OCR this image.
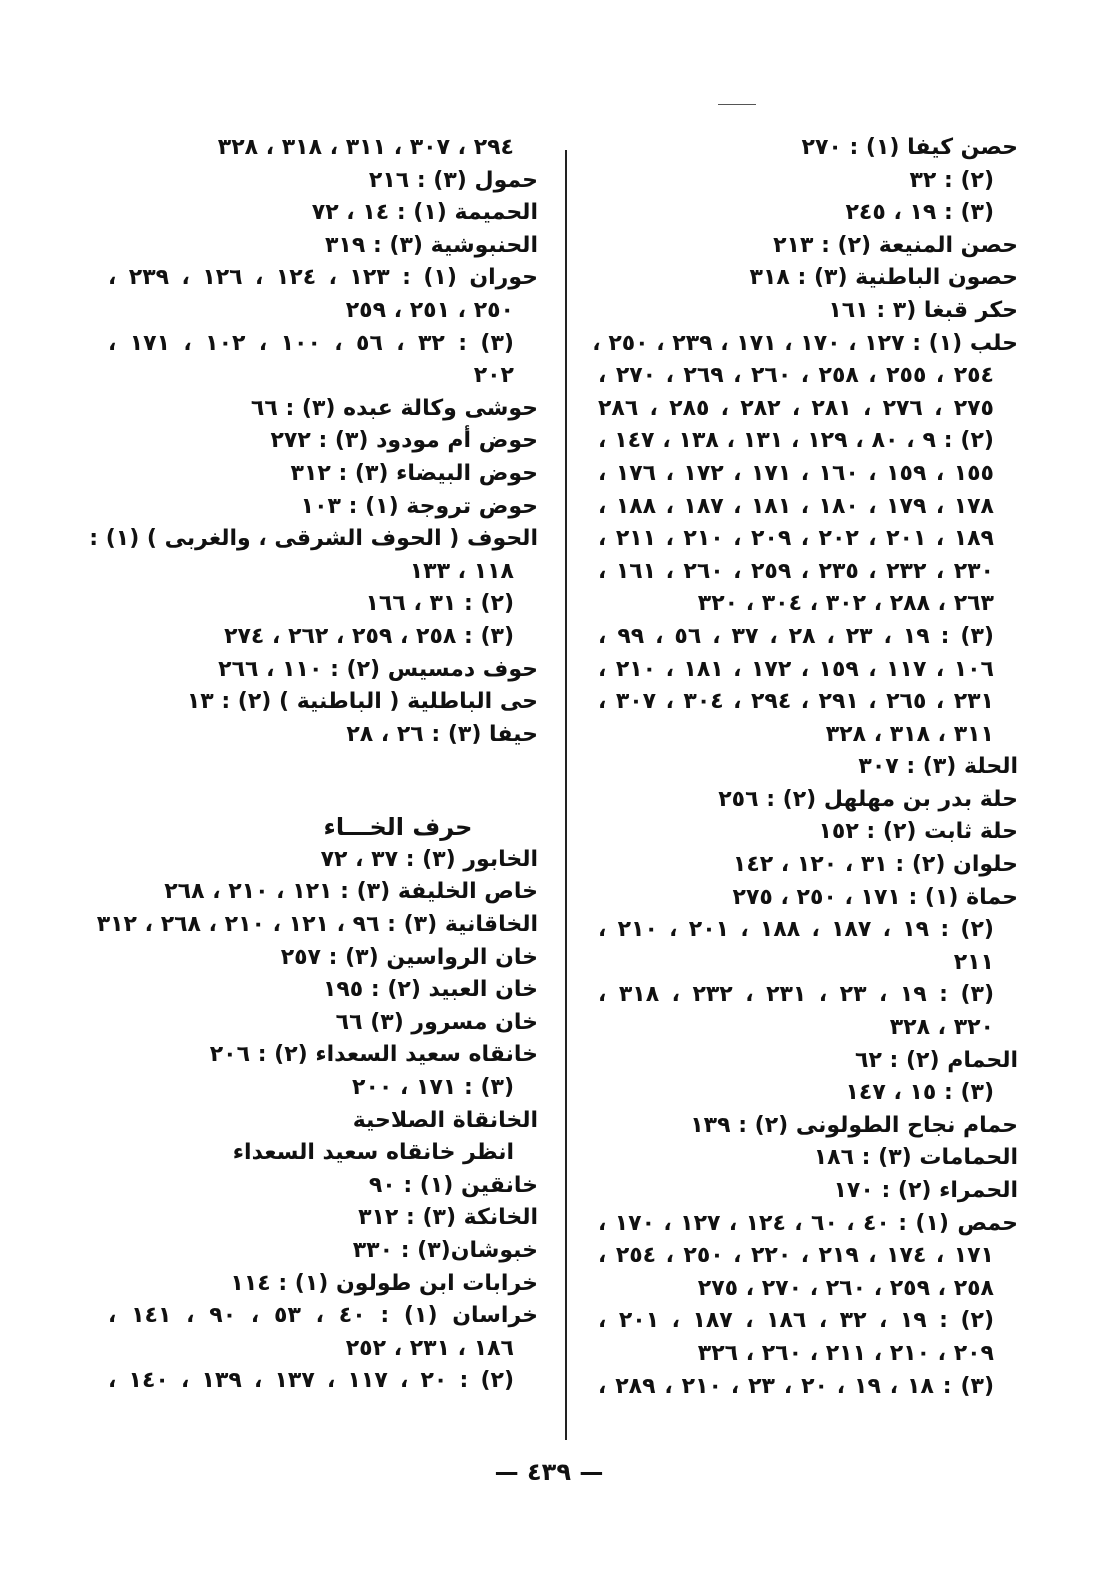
حصن كيفا (١) : ٢٧٠
(٢) : ٣٢
(٣) : ١٩ ، ٢٤٥
حصن المنيعة (٢) : ٢١٣
حصون الباطنية (٣) : ٣١٨
حكر قبغا (٣ : ١٦١
حلب (١) : ١٢٧ ، ١٧٠ ، ١٧١ ، ٢٣٩ ، ٢٥٠ ،
٢٥٤ ، ٢٥٥ ، ٢٥٨ ، ٢٦٠ ، ٢٦٩ ، ٢٧٠ ،
٢٧٥ ، ٢٧٦ ، ٢٨١ ، ٢٨٢ ، ٢٨٥ ، ٢٨٦
(٢) : ٩ ، ٨٠ ، ١٢٩ ، ١٣١ ، ١٣٨ ، ١٤٧ ،
١٥٥ ، ١٥٩ ، ١٦٠ ، ١٧١ ، ١٧٢ ، ١٧٦ ،
١٧٨ ، ١٧٩ ، ١٨٠ ، ١٨١ ، ١٨٧ ، ١٨٨ ،
١٨٩ ، ٢٠١ ، ٢٠٢ ، ٢٠٩ ، ٢١٠ ، ٢١١ ،
٢٣٠ ، ٢٣٢ ، ٢٣٥ ، ٢٥٩ ، ٢٦٠ ، ١٦١ ،
٢٦٣ ، ٢٨٨ ، ٣٠٢ ، ٣٠٤ ، ٣٢٠
(٣) : ١٩ ، ٢٣ ، ٢٨ ، ٣٧ ، ٥٦ ، ٩٩ ،
١٠٦ ، ١١٧ ، ١٥٩ ، ١٧٢ ، ١٨١ ، ٢١٠ ،
٢٣١ ، ٢٦٥ ، ٢٩١ ، ٢٩٤ ، ٣٠٤ ، ٣٠٧ ،
٣١١ ، ٣١٨ ، ٣٢٨
الحلة (٣) : ٣٠٧
حلة بدر بن مهلهل (٢) : ٢٥٦
حلة ثابت (٢) : ١٥٢
حلوان (٢) : ٣١ ، ١٢٠ ، ١٤٢
حماة (١) : ١٧١ ، ٢٥٠ ، ٢٧٥
(٢) : ١٩ ، ١٨٧ ، ١٨٨ ، ٢٠١ ، ٢١٠ ،
٢١١
(٣) : ١٩ ، ٢٣ ، ٢٣١ ، ٢٣٢ ، ٣١٨ ،
٣٢٠ ، ٣٢٨
الحمام (٢) : ٦٢
(٣) : ١٥ ، ١٤٧
حمام نجاح الطولونى (٢) : ١٣٩
الحمامات (٣) : ١٨٦
الحمراء (٢) : ١٧٠
حمص (١) : ٤٠ ، ٦٠ ، ١٢٤ ، ١٢٧ ، ١٧٠ ،
١٧١ ، ١٧٤ ، ٢١٩ ، ٢٢٠ ، ٢٥٠ ، ٢٥٤ ،
٢٥٨ ، ٢٥٩ ، ٢٦٠ ، ٢٧٠ ، ٢٧٥
(٢) : ١٩ ، ٣٢ ، ١٨٦ ، ١٨٧ ، ٢٠١ ،
٢٠٩ ، ٢١٠ ، ٢١١ ، ٢٦٠ ، ٣٢٦
(٣) : ١٨ ، ١٩ ، ٢٠ ، ٢٣ ، ٢١٠ ، ٢٨٩ ،
٢٩٤ ، ٣٠٧ ، ٣١١ ، ٣١٨ ، ٣٢٨
حمول (٣) : ٢١٦
الحميمة (١) : ١٤ ، ٧٢
الحنبوشية (٣) : ٣١٩
حوران (١) : ١٢٣ ، ١٢٤ ، ١٢٦ ، ٢٣٩ ،
٢٥٠ ، ٢٥١ ، ٢٥٩
(٣) : ٣٢ ، ٥٦ ، ١٠٠ ، ١٠٢ ، ١٧١ ،
٢٠٢
حوشى وكالة عبده (٣) : ٦٦
حوض أم مودود (٣) : ٢٧٢
حوض البيضاء (٣) : ٣١٢
حوض تروجة (١) : ١٠٣
الحوف ( الحوف الشرقى ، والغربى ) (١) :
١١٨ ، ١٣٣
(٢) : ٣١ ، ١٦٦
(٣) : ٢٥٨ ، ٢٥٩ ، ٢٦٢ ، ٢٧٤
حوف دمسيس (٢) : ١١٠ ، ٢٦٦
حى الباطلية ( الباطنية ) (٢) : ١٣
حيفا (٣) : ٢٦ ، ٢٨
حرف الخـــاء
الخابور (٣) : ٣٧ ، ٧٢
خاص الخليفة (٣) : ١٢١ ، ٢١٠ ، ٢٦٨
الخاقانية (٣) : ٩٦ ، ١٢١ ، ٢١٠ ، ٢٦٨ ، ٣١٢
خان الرواسين (٣) : ٢٥٧
خان العبيد (٢) : ١٩٥
خان مسرور (٣) ٦٦
خانقاه سعيد السعداء (٢) : ٢٠٦
(٣) : ١٧١ ، ٢٠٠
الخانقاة الصلاحية
انظر خانقاه سعيد السعداء
خانقين (١) : ٩٠
الخانكة (٣) : ٣١٢
خبوشان(٣) : ٣٣٠
خرابات ابن طولون (١) : ١١٤
خراسان (١) : ٤٠ ، ٥٣ ، ٩٠ ، ١٤١ ،
١٨٦ ، ٢٣١ ، ٢٥٢
(٢) : ٢٠ ، ١١٧ ، ١٣٧ ، ١٣٩ ، ١٤٠ ،
— ٤٣٩ —
